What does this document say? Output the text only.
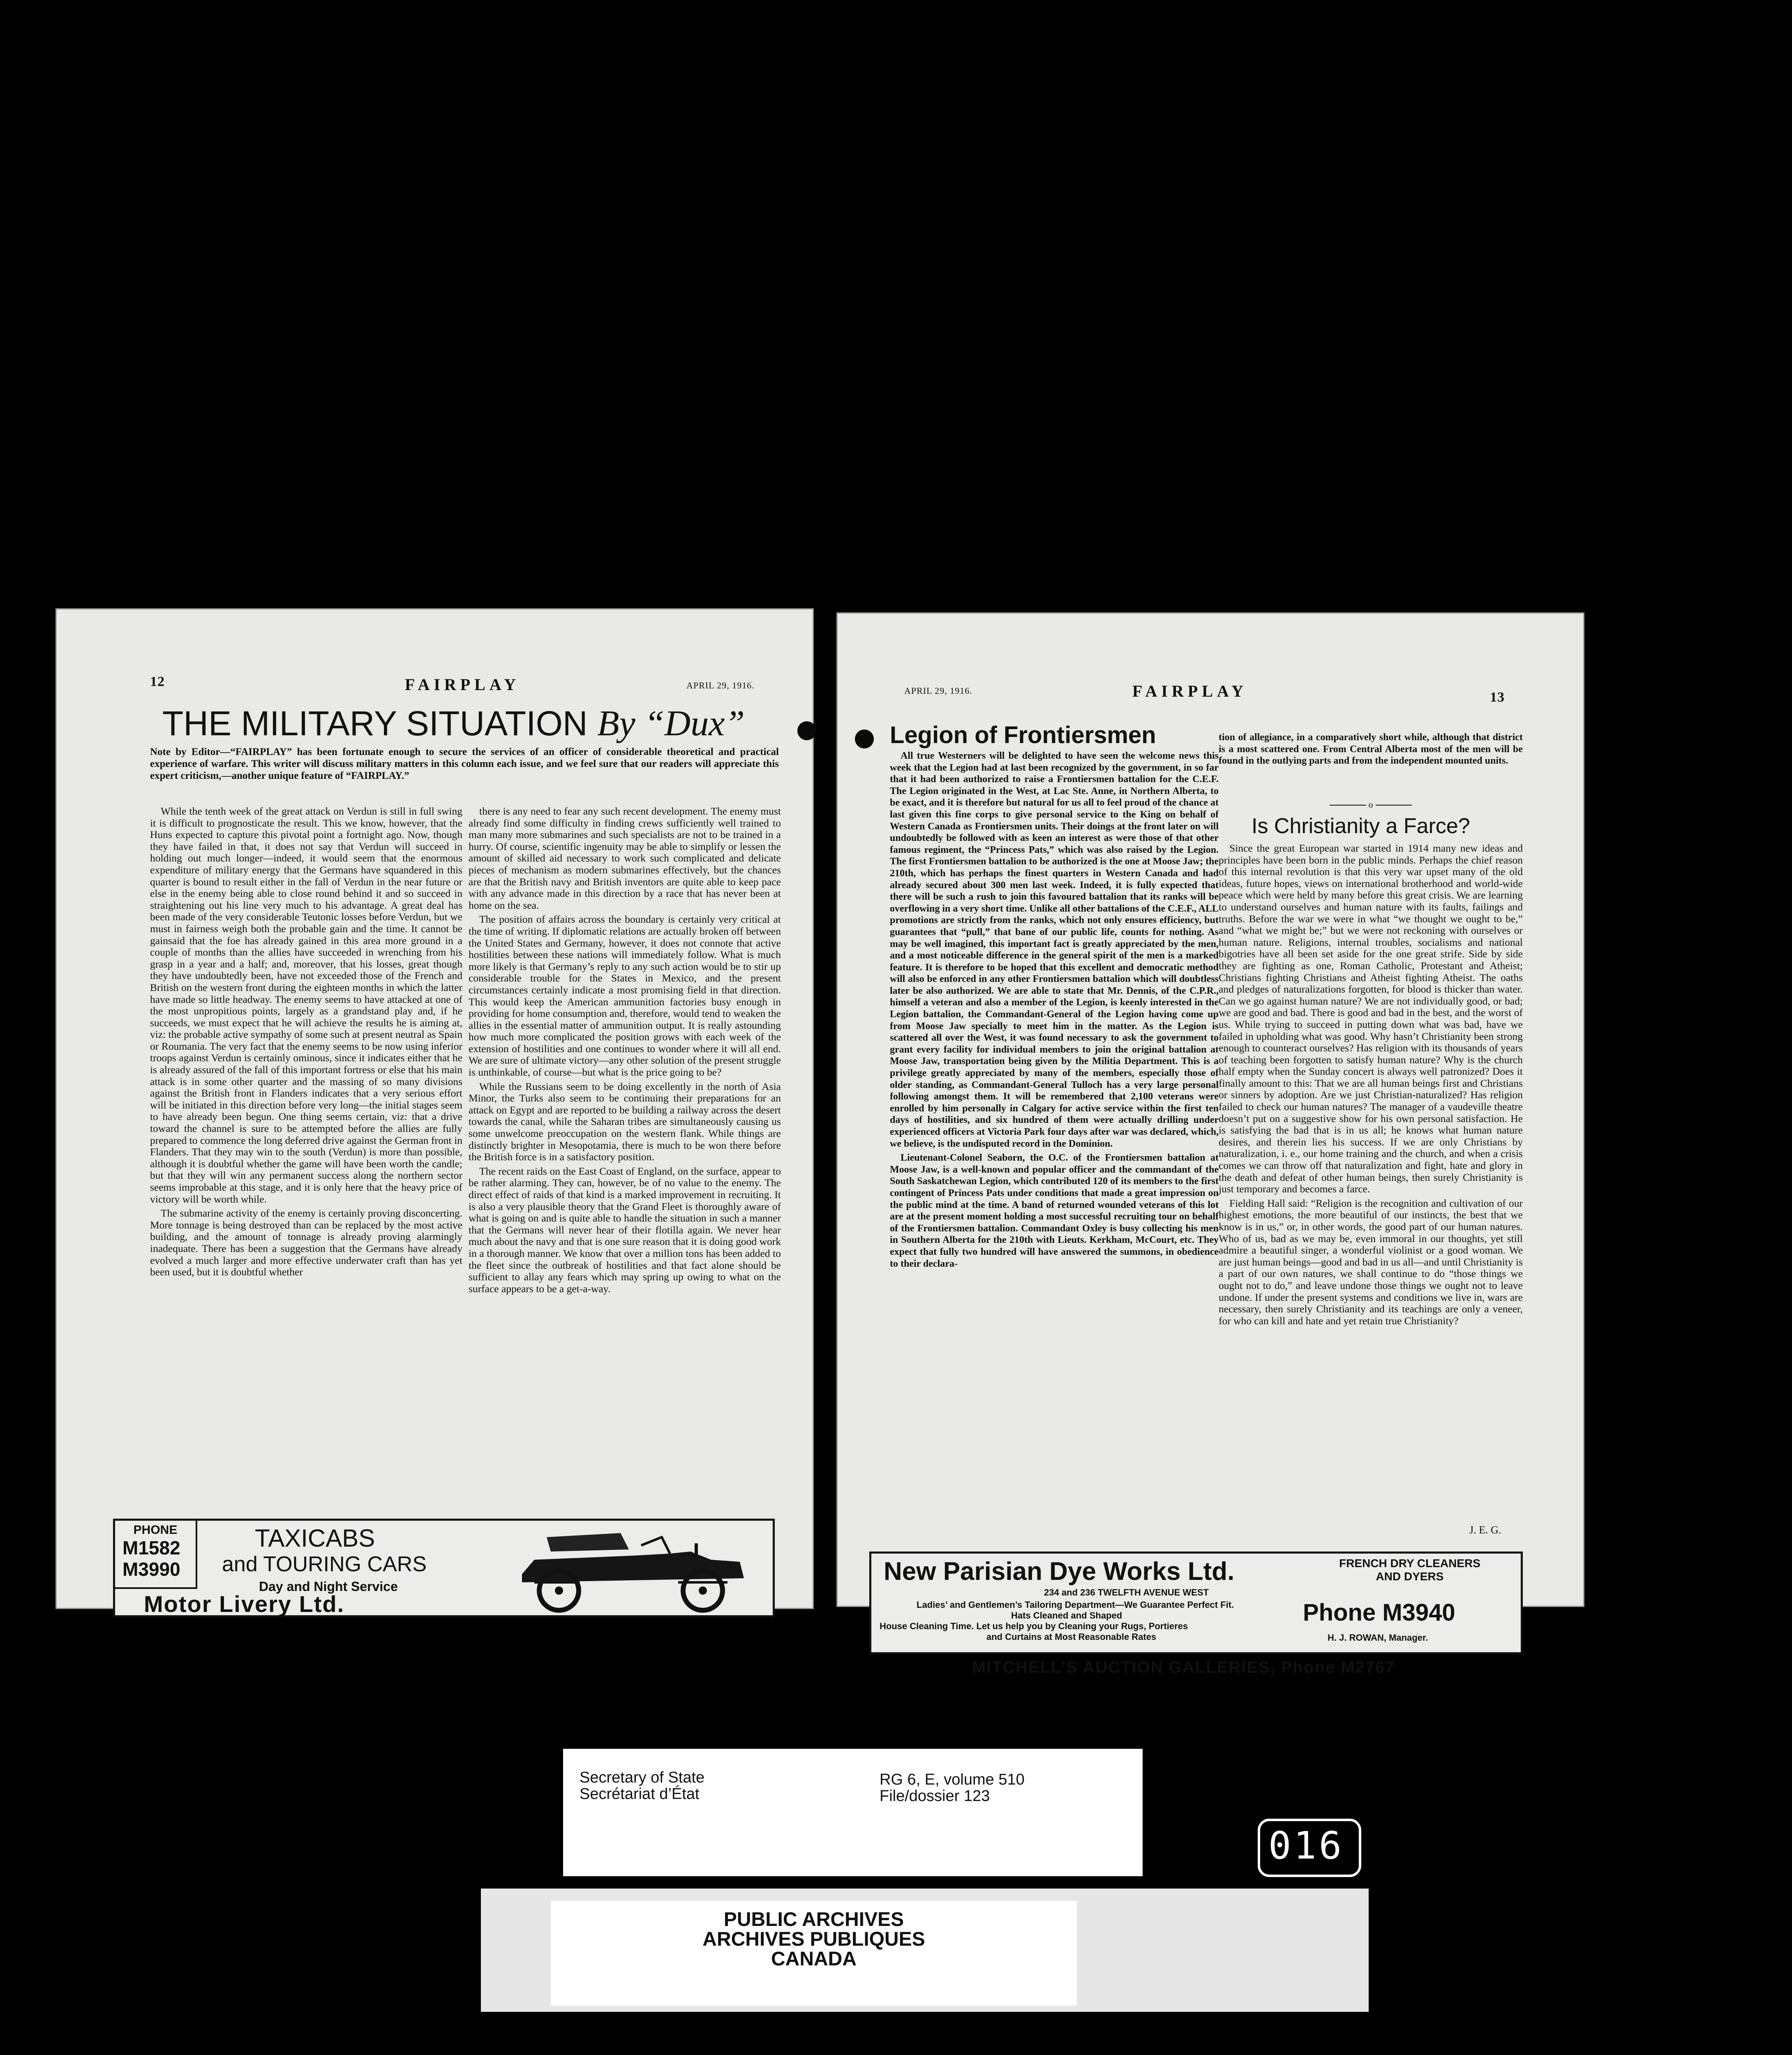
12	FAIRPLAY	APRIL 29, 1916.
THE MILITARY SITUATION By “Dux”
Note by Editor—“FAIRPLAY” has been fortunate enough to secure the services of an officer of considerable theoretical and practical experience of warfare. This writer will discuss military matters in this column each issue, and we feel sure that our readers will appreciate this expert criticism,—another unique feature of “FAIRPLAY.”

While the tenth week of the great attack on Verdun is still in full swing it is difficult to prognosticate the result. This we know, however, that the Huns expected to capture this pivotal point a fortnight ago. Now, though they have failed in that, it does not say that Verdun will succeed in holding out much longer—indeed, it would seem that the enormous expenditure of military energy that the Germans have squandered in this quarter is bound to result either in the fall of Verdun in the near future or else in the enemy being able to close round behind it and so succeed in straightening out his line very much to his advantage. A great deal has been made of the very considerable Teutonic losses before Verdun, but we must in fairness weigh both the probable gain and the time. It cannot be gainsaid that the foe has already gained in this area more ground in a couple of months than the allies have succeeded in wrenching from his grasp in a year and a half; and, moreover, that his losses, great though they have undoubtedly been, have not exceeded those of the French and British on the western front during the eighteen months in which the latter have made so little headway. The enemy seems to have attacked at one of the most unpropitious points, largely as a grandstand play and, if he succeeds, we must expect that he will achieve the results he is aiming at, viz: the probable active sympathy of some such at present neutral as Spain or Roumania. The very fact that the enemy seems to be now using inferior troops against Verdun is certainly ominous, since it indicates either that he is already assured of the fall of this important fortress or else that his main attack is in some other quarter and the massing of so many divisions against the British front in Flanders indicates that a very serious effort will be initiated in this direction before very long—the initial stages seem to have already been begun. One thing seems certain, viz: that a drive toward the channel is sure to be attempted before the allies are fully prepared to commence the long deferred drive against the German front in Flanders. That they may win to the south (Verdun) is more than possible, although it is doubtful whether the game will have been worth the candle; but that they will win any permanent success along the northern sector seems improbable at this stage, and it is only here that the heavy price of victory will be worth while.

The submarine activity of the enemy is certainly proving disconcerting. More tonnage is being destroyed than can be replaced by the most active building, and the amount of tonnage is already proving alarmingly inadequate. There has been a suggestion that the Germans have already evolved a much larger and more effective underwater craft than has yet been used, but it is doubtful whether

there is any need to fear any such recent development. The enemy must already find some difficulty in finding crews sufficiently well trained to man many more submarines and such specialists are not to be trained in a hurry. Of course, scientific ingenuity may be able to simplify or lessen the amount of skilled aid necessary to work such complicated and delicate pieces of mechanism as modern submarines effectively, but the chances are that the British navy and British inventors are quite able to keep pace with any advance made in this direction by a race that has never been at home on the sea.

The position of affairs across the boundary is certainly very critical at the time of writing. If diplomatic relations are actually broken off between the United States and Germany, however, it does not connote that active hostilities between these nations will immediately follow. What is much more likely is that Germany’s reply to any such action would be to stir up considerable trouble for the States in Mexico, and the present circumstances certainly indicate a most promising field in that direction. This would keep the American ammunition factories busy enough in providing for home consumption and, therefore, would tend to weaken the allies in the essential matter of ammunition output. It is really astounding how much more complicated the position grows with each week of the extension of hostilities and one continues to wonder where it will all end. We are sure of ultimate victory—any other solution of the present struggle is unthinkable, of course—but what is the price going to be?

While the Russians seem to be doing excellently in the north of Asia Minor, the Turks also seem to be continuing their preparations for an attack on Egypt and are reported to be building a railway across the desert towards the canal, while the Saharan tribes are simultaneously causing us some unwelcome preoccupation on the western flank. While things are distinctly brighter in Mesopotamia, there is much to be won there before the British force is in a satisfactory position.

The recent raids on the East Coast of England, on the surface, appear to be rather alarming. They can, however, be of no value to the enemy. The direct effect of raids of that kind is a marked improvement in recruiting. It is also a very plausible theory that the Grand Fleet is thoroughly aware of what is going on and is quite able to handle the situation in such a manner that the Germans will never hear of their flotilla again. We never hear much about the navy and that is one sure reason that it is doing good work in a thorough manner. We know that over a million tons has been added to the fleet since the outbreak of hostilities and that fact alone should be sufficient to allay any fears which may spring up owing to what on the surface appears to be a get-a-way.

PHONE
M1582
M3990
TAXICABS
and TOURING CARS
Day and Night Service
Motor Livery Ltd.
APRIL 29, 1916.	FAIRPLAY	13
Legion of Frontiersmen

All true Westerners will be delighted to have seen the welcome news this week that the Legion had at last been recognized by the government, in so far that it had been authorized to raise a Frontiersmen battalion for the C.E.F. The Legion originated in the West, at Lac Ste. Anne, in Northern Alberta, to be exact, and it is therefore but natural for us all to feel proud of the chance at last given this fine corps to give personal service to the King on behalf of Western Canada as Frontiersmen units. Their doings at the front later on will undoubtedly be followed with as keen an interest as were those of that other famous regiment, the “Princess Pats,” which was also raised by the Legion. The first Frontiersmen battalion to be authorized is the one at Moose Jaw; the 210th, which has perhaps the finest quarters in Western Canada and had already secured about 300 men last week. Indeed, it is fully expected that there will be such a rush to join this favoured battalion that its ranks will be overflowing in a very short time. Unlike all other battalions of the C.E.F., ALL promotions are strictly from the ranks, which not only ensures efficiency, but guarantees that “pull,” that bane of our public life, counts for nothing. As may be well imagined, this important fact is greatly appreciated by the men, and a most noticeable difference in the general spirit of the men is a marked feature. It is therefore to be hoped that this excellent and democratic method will also be enforced in any other Frontiersmen battalion which will doubtless later be also authorized. We are able to state that Mr. Dennis, of the C.P.R., himself a veteran and also a member of the Legion, is keenly interested in the Legion battalion, the Commandant-General of the Legion having come up from Moose Jaw specially to meet him in the matter. As the Legion is scattered all over the West, it was found necessary to ask the government to grant every facility for individual members to join the original battalion at Moose Jaw, transportation being given by the Militia Department. This is a privilege greatly appreciated by many of the members, especially those of older standing, as Commandant-General Tulloch has a very large personal following amongst them. It will be remembered that 2,100 veterans were enrolled by him personally in Calgary for active service within the first ten days of hostilities, and six hundred of them were actually drilling under experienced officers at Victoria Park four days after war was declared, which, we believe, is the undisputed record in the Dominion.

Lieutenant-Colonel Seaborn, the O.C. of the Frontiersmen battalion at Moose Jaw, is a well-known and popular officer and the commandant of the South Saskatchewan Legion, which contributed 120 of its members to the first contingent of Princess Pats under conditions that made a great impression on the public mind at the time. A band of returned wounded veterans of this lot are at the present moment holding a most successful recruiting tour on behalf of the Frontiersmen battalion. Commandant Oxley is busy collecting his men in Southern Alberta for the 210th with Lieuts. Kerkham, McCourt, etc. They expect that fully two hundred will have answered the summons, in obedience to their declara-

tion of allegiance, in a comparatively short while, although that district is a most scattered one. From Central Alberta most of the men will be found in the outlying parts and from the independent mounted units.
o
Is Christianity a Farce?

Since the great European war started in 1914 many new ideas and principles have been born in the public minds. Perhaps the chief reason of this internal revolution is that this very war upset many of the old ideas, future hopes, views on international brotherhood and world-wide peace which were held by many before this great crisis. We are learning to understand ourselves and human nature with its faults, failings and truths. Before the war we were in what “we thought we ought to be,” and “what we might be;” but we were not reckoning with ourselves or human nature. Religions, internal troubles, socialisms and national bigotries have all been set aside for the one great strife. Side by side they are fighting as one, Roman Catholic, Protestant and Atheist; Christians fighting Christians and Atheist fighting Atheist. The oaths and pledges of naturalizations forgotten, for blood is thicker than water. Can we go against human nature? We are not individually good, or bad; we are good and bad. There is good and bad in the best, and the worst of us. While trying to succeed in putting down what was bad, have we failed in upholding what was good. Why hasn’t Christianity been strong enough to counteract ourselves? Has religion with its thousands of years of teaching been forgotten to satisfy human nature? Why is the church half empty when the Sunday concert is always well patronized? Does it finally amount to this: That we are all human beings first and Christians or sinners by adoption. Are we just Christian-naturalized? Has religion failed to check our human natures? The manager of a vaudeville theatre doesn’t put on a suggestive show for his own personal satisfaction. He is satisfying the bad that is in us all; he knows what human nature desires, and therein lies his success. If we are only Christians by naturalization, i. e., our home training and the church, and when a crisis comes we can throw off that naturalization and fight, hate and glory in the death and defeat of other human beings, then surely Christianity is just temporary and becomes a farce.

Fielding Hall said: “Religion is the recognition and cultivation of our highest emotions, the more beautiful of our instincts, the best that we know is in us,” or, in other words, the good part of our human natures. Who of us, bad as we may be, even immoral in our thoughts, yet still admire a beautiful singer, a wonderful violinist or a good woman. We are just human beings—good and bad in us all—and until Christianity is a part of our own natures, we shall continue to do “those things we ought not to do,” and leave undone those things we ought not to leave undone. If under the present systems and conditions we live in, wars are necessary, then surely Christianity and its teachings are only a veneer, for who can kill and hate and yet retain true Christianity?

J. E. G.
New Parisian Dye Works Ltd.	FRENCH DRY CLEANERS
AND DYERS
234 and 236 TWELFTH AVENUE WEST
Ladies’ and Gentlemen’s Tailoring Department—We Guarantee Perfect Fit.
Hats Cleaned and Shaped
House Cleaning Time. Let us help you by Cleaning your Rugs, Portieres
and Curtains at Most Reasonable Rates
Phone M3940
H. J. ROWAN, Manager.
MITCHELL’S AUCTION GALLERIES, Phone M2767
Secretary of State
Secrétariat d’État
RG 6, E, volume 510
File/dossier 123
016
PUBLIC ARCHIVES
ARCHIVES PUBLIQUES
CANADA
